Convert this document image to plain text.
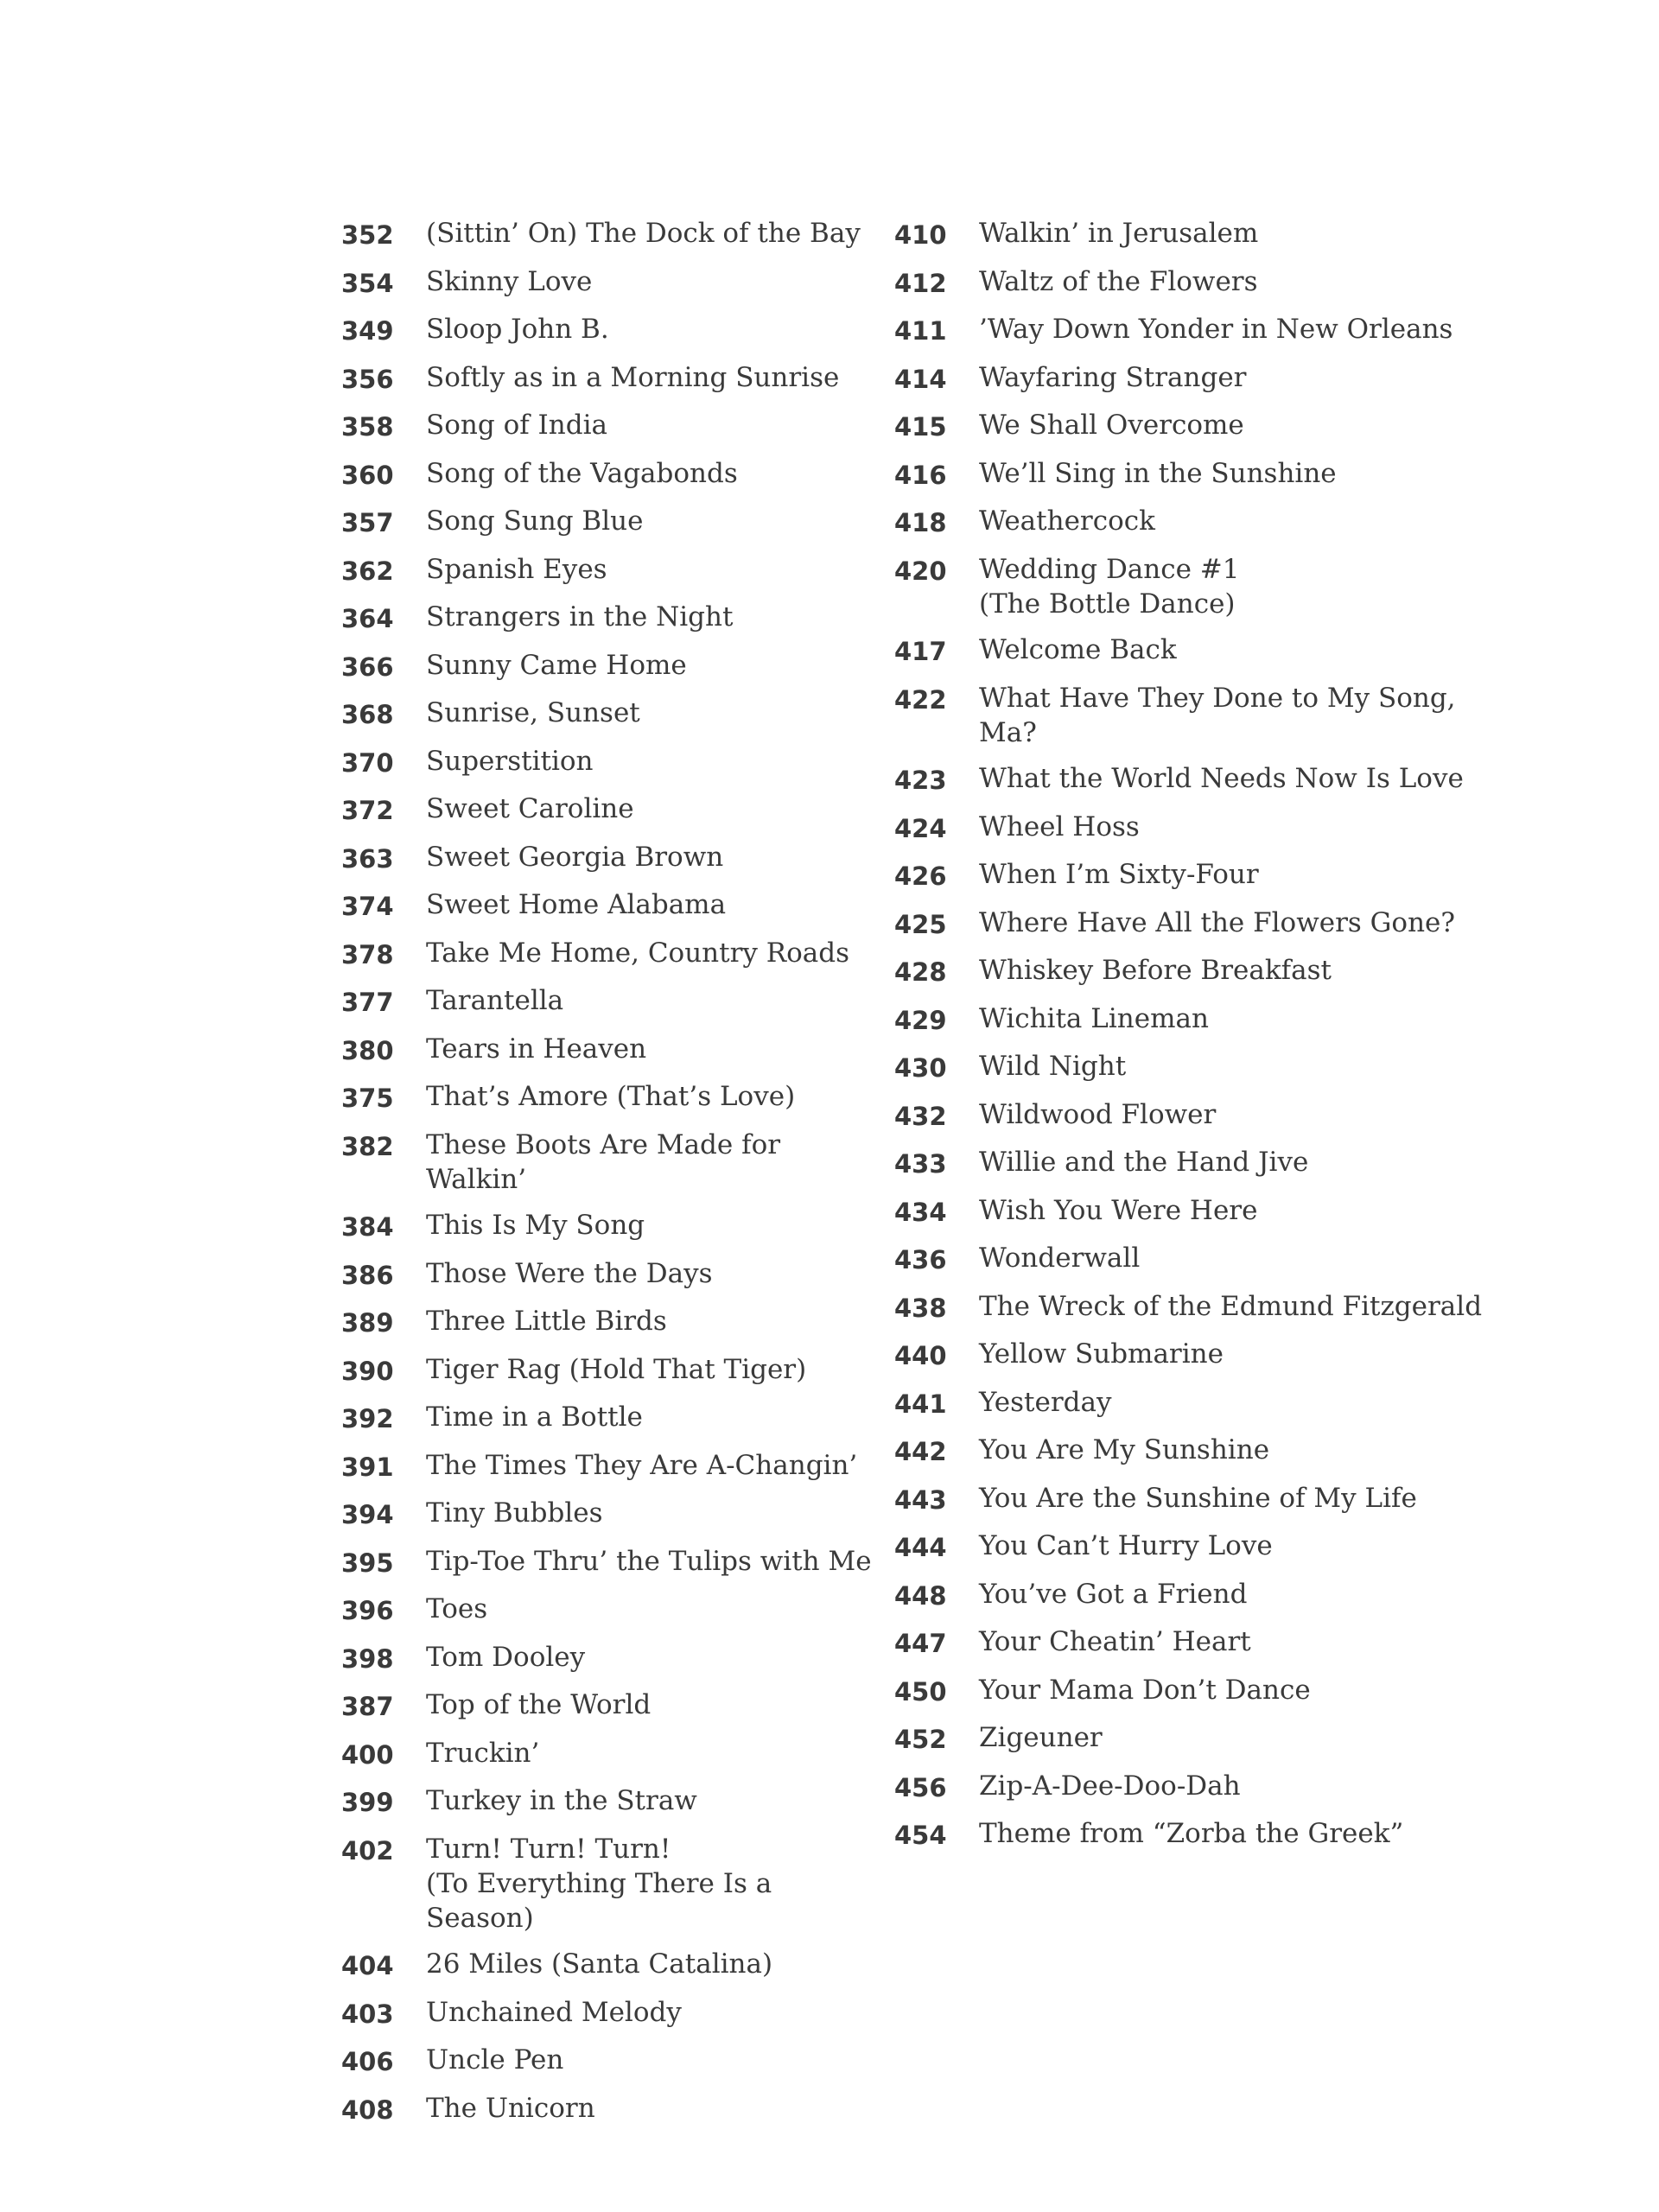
352	(Sittin’ On) The Dock of the Bay
354	Skinny Love
349	Sloop John B.
356	Softly as in a Morning Sunrise
358	Song of India
360	Song of the Vagabonds
357	Song Sung Blue
362	Spanish Eyes
364	Strangers in the Night
366	Sunny Came Home
368	Sunrise, Sunset
370	Superstition
372	Sweet Caroline
363	Sweet Georgia Brown
374	Sweet Home Alabama
378	Take Me Home, Country Roads
377	Tarantella
380	Tears in Heaven
375	That’s Amore (That’s Love)
382	These Boots Are Made for Walkin’
384	This Is My Song
386	Those Were the Days
389	Three Little Birds
390	Tiger Rag (Hold That Tiger)
392	Time in a Bottle
391	The Times They Are A-Changin’
394	Tiny Bubbles
395	Tip-Toe Thru’ the Tulips with Me
396	Toes
398	Tom Dooley
387	Top of the World
400	Truckin’
399	Turkey in the Straw
402	Turn! Turn! Turn!
(To Everything There Is a Season)
404	26 Miles (Santa Catalina)
403	Unchained Melody
406	Uncle Pen
408	The Unicorn
410	Walkin’ in Jerusalem
412	Waltz of the Flowers
411	’Way Down Yonder in New Orleans
414	Wayfaring Stranger
415	We Shall Overcome
416	We’ll Sing in the Sunshine
418	Weathercock
420	Wedding Dance #1
(The Bottle Dance)
417	Welcome Back
422	What Have They Done to My Song, Ma?
423	What the World Needs Now Is Love
424	Wheel Hoss
426	When I’m Sixty-Four
425	Where Have All the Flowers Gone?
428	Whiskey Before Breakfast
429	Wichita Lineman
430	Wild Night
432	Wildwood Flower
433	Willie and the Hand Jive
434	Wish You Were Here
436	Wonderwall
438	The Wreck of the Edmund Fitzgerald
440	Yellow Submarine
441	Yesterday
442	You Are My Sunshine
443	You Are the Sunshine of My Life
444	You Can’t Hurry Love
448	You’ve Got a Friend
447	Your Cheatin’ Heart
450	Your Mama Don’t Dance
452	Zigeuner
456	Zip-A-Dee-Doo-Dah
454	Theme from “Zorba the Greek”
